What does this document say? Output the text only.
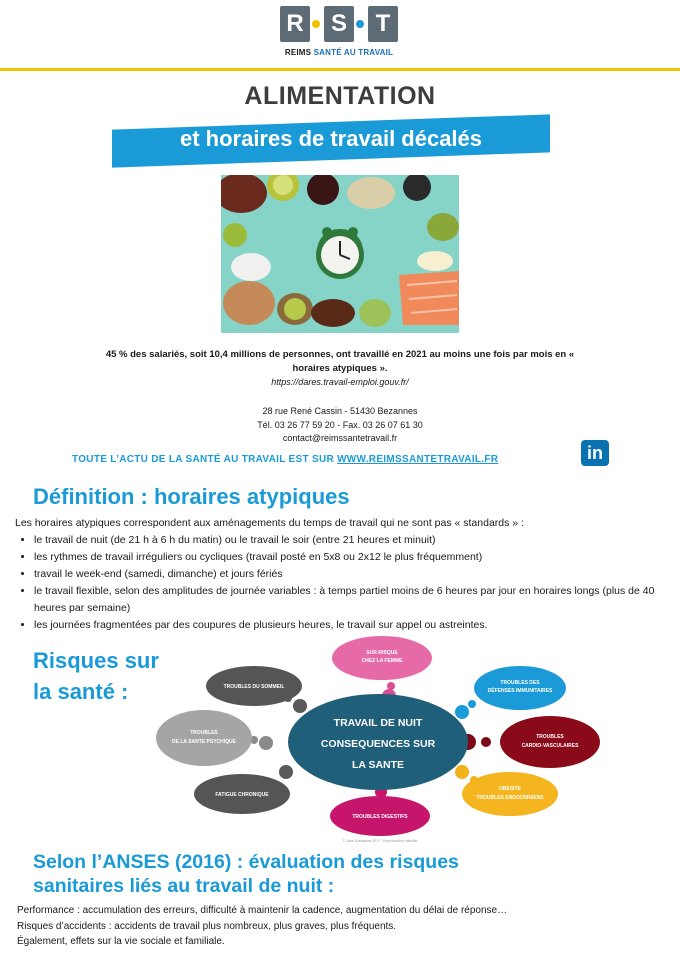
R S	T
REIMS SANTÉ AU TRAVAIL
ALIMENTATION
et horaires de travail décalés
45 % des salariés, soit 10,4 millions de personnes, ont travaillé en 2021 au moins une fois par mois en « horaires atypiques ».
https://dares.travail-emploi.gouv.fr/
28 rue René Cassin - 51430 Bezannes
Tél. 03 26 77 59 20 - Fax. 03 26 07 61 30
contact@reimssantetravail.fr
TOUTE L’ACTU DE LA SANTÉ AU TRAVAIL EST SUR WWW.REIMSSANTETRAVAIL.FR	in
Définition : horaires atypiques
Les horaires atypiques correspondent aux aménagements du temps de travail qui ne sont pas « standards » :
• le travail de nuit (de 21 h à 6 h du matin) ou le travail le soir (entre 21 heures et minuit)
• les rythmes de travail irréguliers ou cycliques (travail posté en 5x8 ou 2x12 le plus fréquemment)
• travail le week-end (samedi, dimanche) et jours fériés
• le travail flexible, selon des amplitudes de journée variables : à temps partiel moins de 6 heures par jour en horaires longs (plus de 40 heures par semaine)
• les journées fragmentées par des coupures de plusieurs heures, le travail sur appel ou astreintes.
Risques sur
la santé :
TRAVAIL DE NUIT
CONSEQUENCES SUR
LA SANTE
SUR-RISQUE
CHEZ LA FEMME
TROUBLES DU SOMMEIL
TROUBLES DES
DÉFENSES IMMUNITAIRES
TROUBLES
DE LA SANTE PSYCHIQUE
TROUBLES
CARDIO-VASCULAIRES
FATIGUE CHRONIQUE
OBESITE
TROUBLES ENDOCRINIENS
TROUBLES DIGESTIFS
© Jane Gonsalves 2017 · Reproduction interdite
Selon l’ANSES (2016) : évaluation des risques
sanitaires liés au travail de nuit :
Performance : accumulation des erreurs, difficulté à maintenir la cadence, augmentation du délai de réponse…
Risques d’accidents : accidents de travail plus nombreux, plus graves, plus fréquents.
Également, effets sur la vie sociale et familiale.
